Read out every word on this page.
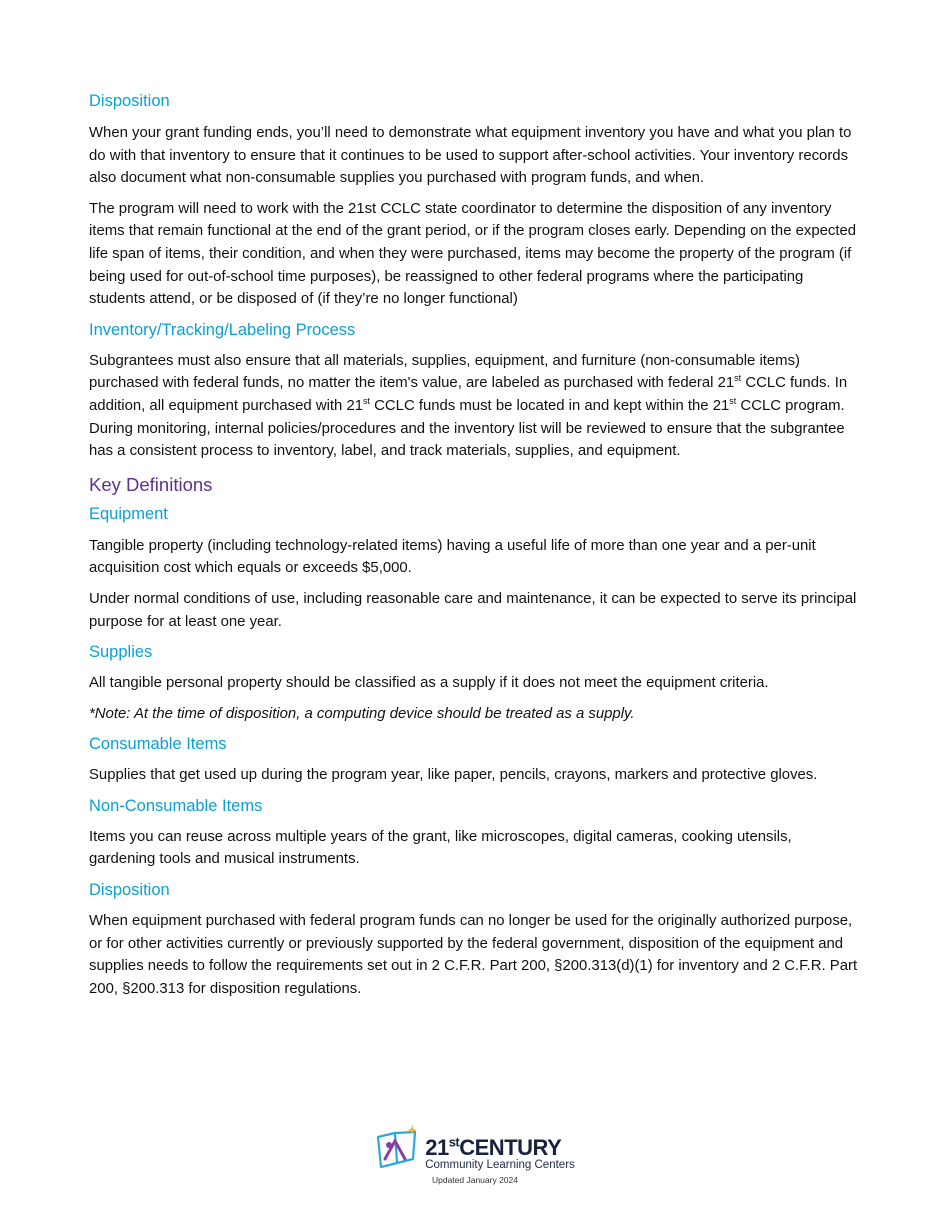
Disposition

When your grant funding ends, you’ll need to demonstrate what equipment inventory you have and what you plan to do with that inventory to ensure that it continues to be used to support after-school activities. Your inventory records also document what non-consumable supplies you purchased with program funds, and when.

The program will need to work with the 21st CCLC state coordinator to determine the disposition of any inventory items that remain functional at the end of the grant period, or if the program closes early. Depending on the expected life span of items, their condition, and when they were purchased, items may become the property of the program (if being used for out-of-school time purposes), be reassigned to other federal programs where the participating students attend, or be disposed of (if they’re no longer functional)

Inventory/Tracking/Labeling Process

Subgrantees must also ensure that all materials, supplies, equipment, and furniture (non-consumable items) purchased with federal funds, no matter the item's value, are labeled as purchased with federal 21st CCLC funds. In addition, all equipment purchased with 21st CCLC funds must be located in and kept within the 21st CCLC program. During monitoring, internal policies/procedures and the inventory list will be reviewed to ensure that the subgrantee has a consistent process to inventory, label, and track materials, supplies, and equipment.

Key Definitions
Equipment

Tangible property (including technology-related items) having a useful life of more than one year and a per-unit acquisition cost which equals or exceeds $5,000.

Under normal conditions of use, including reasonable care and maintenance, it can be expected to serve its principal purpose for at least one year.

Supplies

All tangible personal property should be classified as a supply if it does not meet the equipment criteria.

*Note: At the time of disposition, a computing device should be treated as a supply.

Consumable Items

Supplies that get used up during the program year, like paper, pencils, crayons, markers and protective gloves.

Non-Consumable Items

Items you can reuse across multiple years of the grant, like microscopes, digital cameras, cooking utensils, gardening tools and musical instruments.

Disposition

When equipment purchased with federal program funds can no longer be used for the originally authorized purpose, or for other activities currently or previously supported by the federal government, disposition of the equipment and supplies needs to follow the requirements set out in 2 C.F.R. Part 200, §200.313(d)(1) for inventory and 2 C.F.R. Part 200, §200.313 for disposition regulations.

21stCENTURY
Community Learning Centers
Updated January 2024
